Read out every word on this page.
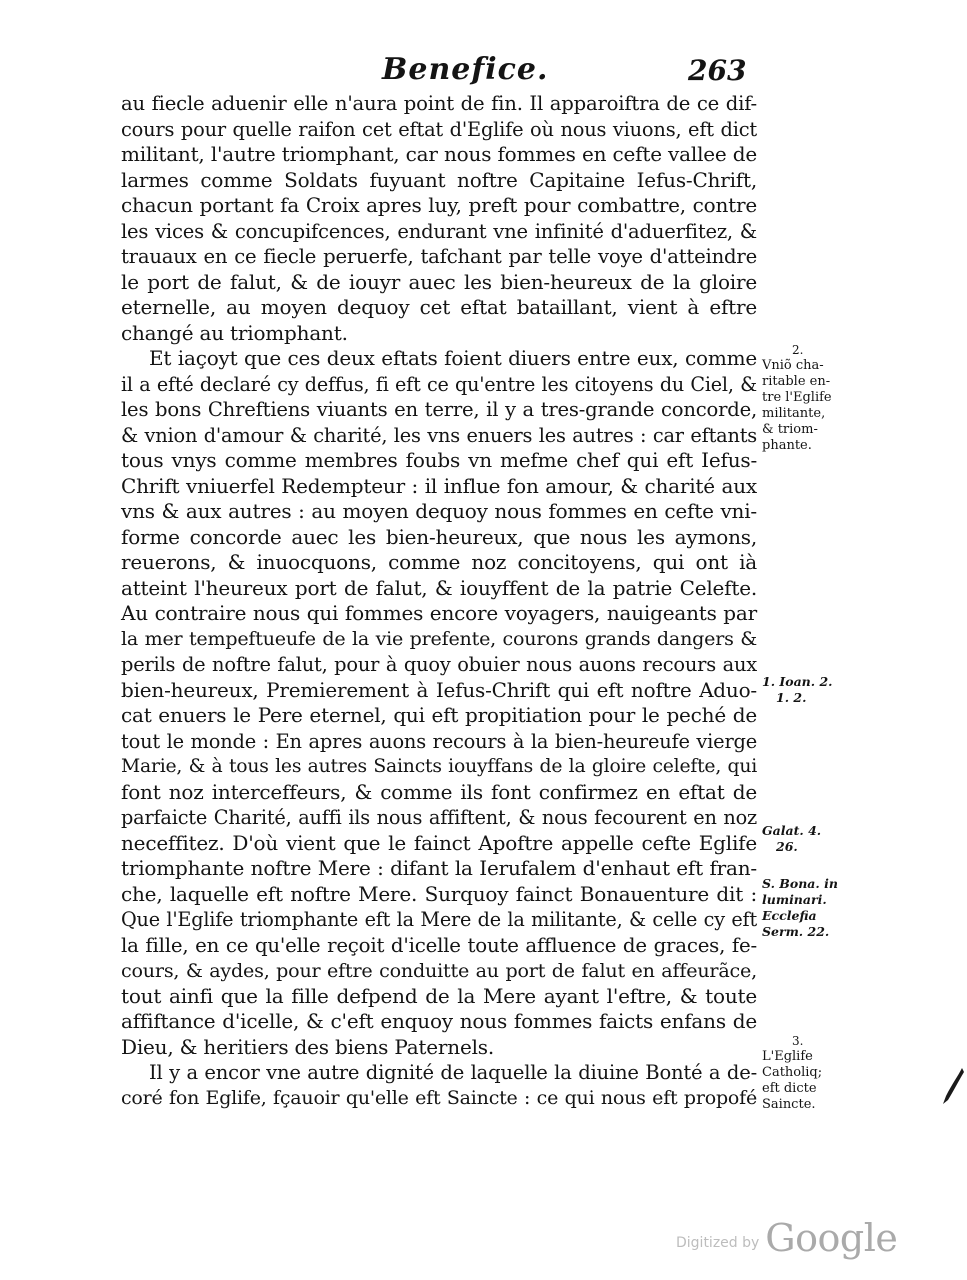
Benefice.	263
au fiecle aduenir elle n'aura point de fin. Il apparoiftra de ce dif-
cours pour quelle raifon cet eftat d'Eglife où nous viuons, eft dict
militant, l'autre triomphant, car nous fommes en cefte vallee de
larmes comme Soldats fuyuant noftre Capitaine Iefus-Chrift,
chacun portant fa Croix apres luy, preft pour combattre, contre
les vices & concupifcences, endurant vne infinité d'aduerfitez, &
trauaux en ce fiecle peruerfe, tafchant par telle voye d'atteindre
le port de falut, & de iouyr auec les bien-heureux de la gloire
eternelle, au moyen dequoy cet eftat bataillant, vient à eftre
changé au triomphant.
Et iaçoyt que ces deux eftats foient diuers entre eux, comme
il a efté declaré cy deffus, fi eft ce qu'entre les citoyens du Ciel, &
les bons Chreftiens viuants en terre, il y a tres-grande concorde,
& vnion d'amour & charité, les vns enuers les autres : car eftants
tous vnys comme membres foubs vn mefme chef qui eft Iefus-
Chrift vniuerfel Redempteur : il influe fon amour, & charité aux
vns & aux autres : au moyen dequoy nous fommes en cefte vni-
forme concorde auec les bien-heureux, que nous les aymons,
reuerons, & inuocquons, comme noz concitoyens, qui ont ià
atteint l'heureux port de falut, & iouyffent de la patrie Celefte.
Au contraire nous qui fommes encore voyagers, nauigeants par
la mer tempeftueufe de la vie prefente, courons grands dangers &
perils de noftre falut, pour à quoy obuier nous auons recours aux
bien-heureux, Premierement à Iefus-Chrift qui eft noftre Aduo-
cat enuers le Pere eternel, qui eft propitiation pour le peché de
tout le monde : En apres auons recours à la bien-heureufe vierge
Marie, & à tous les autres Saincts iouyffans de la gloire celefte, qui
font noz interceffeurs, & comme ils font confirmez en eftat de
parfaicte Charité, auffi ils nous affiftent, & nous fecourent en noz
neceffitez. D'où vient que le fainct Apoftre appelle cefte Eglife
triomphante noftre Mere : difant la Ierufalem d'enhaut eft fran-
che, laquelle eft noftre Mere. Surquoy fainct Bonauenture dit :
Que l'Eglife triomphante eft la Mere de la militante, & celle cy eft
la fille, en ce qu'elle reçoit d'icelle toute affluence de graces, fe-
cours, & aydes, pour eftre conduitte au port de falut en affeurãce,
tout ainfi que la fille defpend de la Mere ayant l'eftre, & toute
affiftance d'icelle, & c'eft enquoy nous fommes faicts enfans de
Dieu, & heritiers des biens Paternels.
Il y a encor vne autre dignité de laquelle la diuine Bonté a de-
coré fon Eglife, fçauoir qu'elle eft Saincte : ce qui nous eft propofé
2.
Vniõ cha-
ritable en-
tre l'Eglife
militante,
& triom-
phante.
1. Ioan. 2.
1. 2.
Galat. 4.
26.
S. Bona. in
luminari.
Ecclefia
Serm. 22.
3.
L'Eglife
Catholiq;
eft dicte
Saincte.
Digitized by Google
